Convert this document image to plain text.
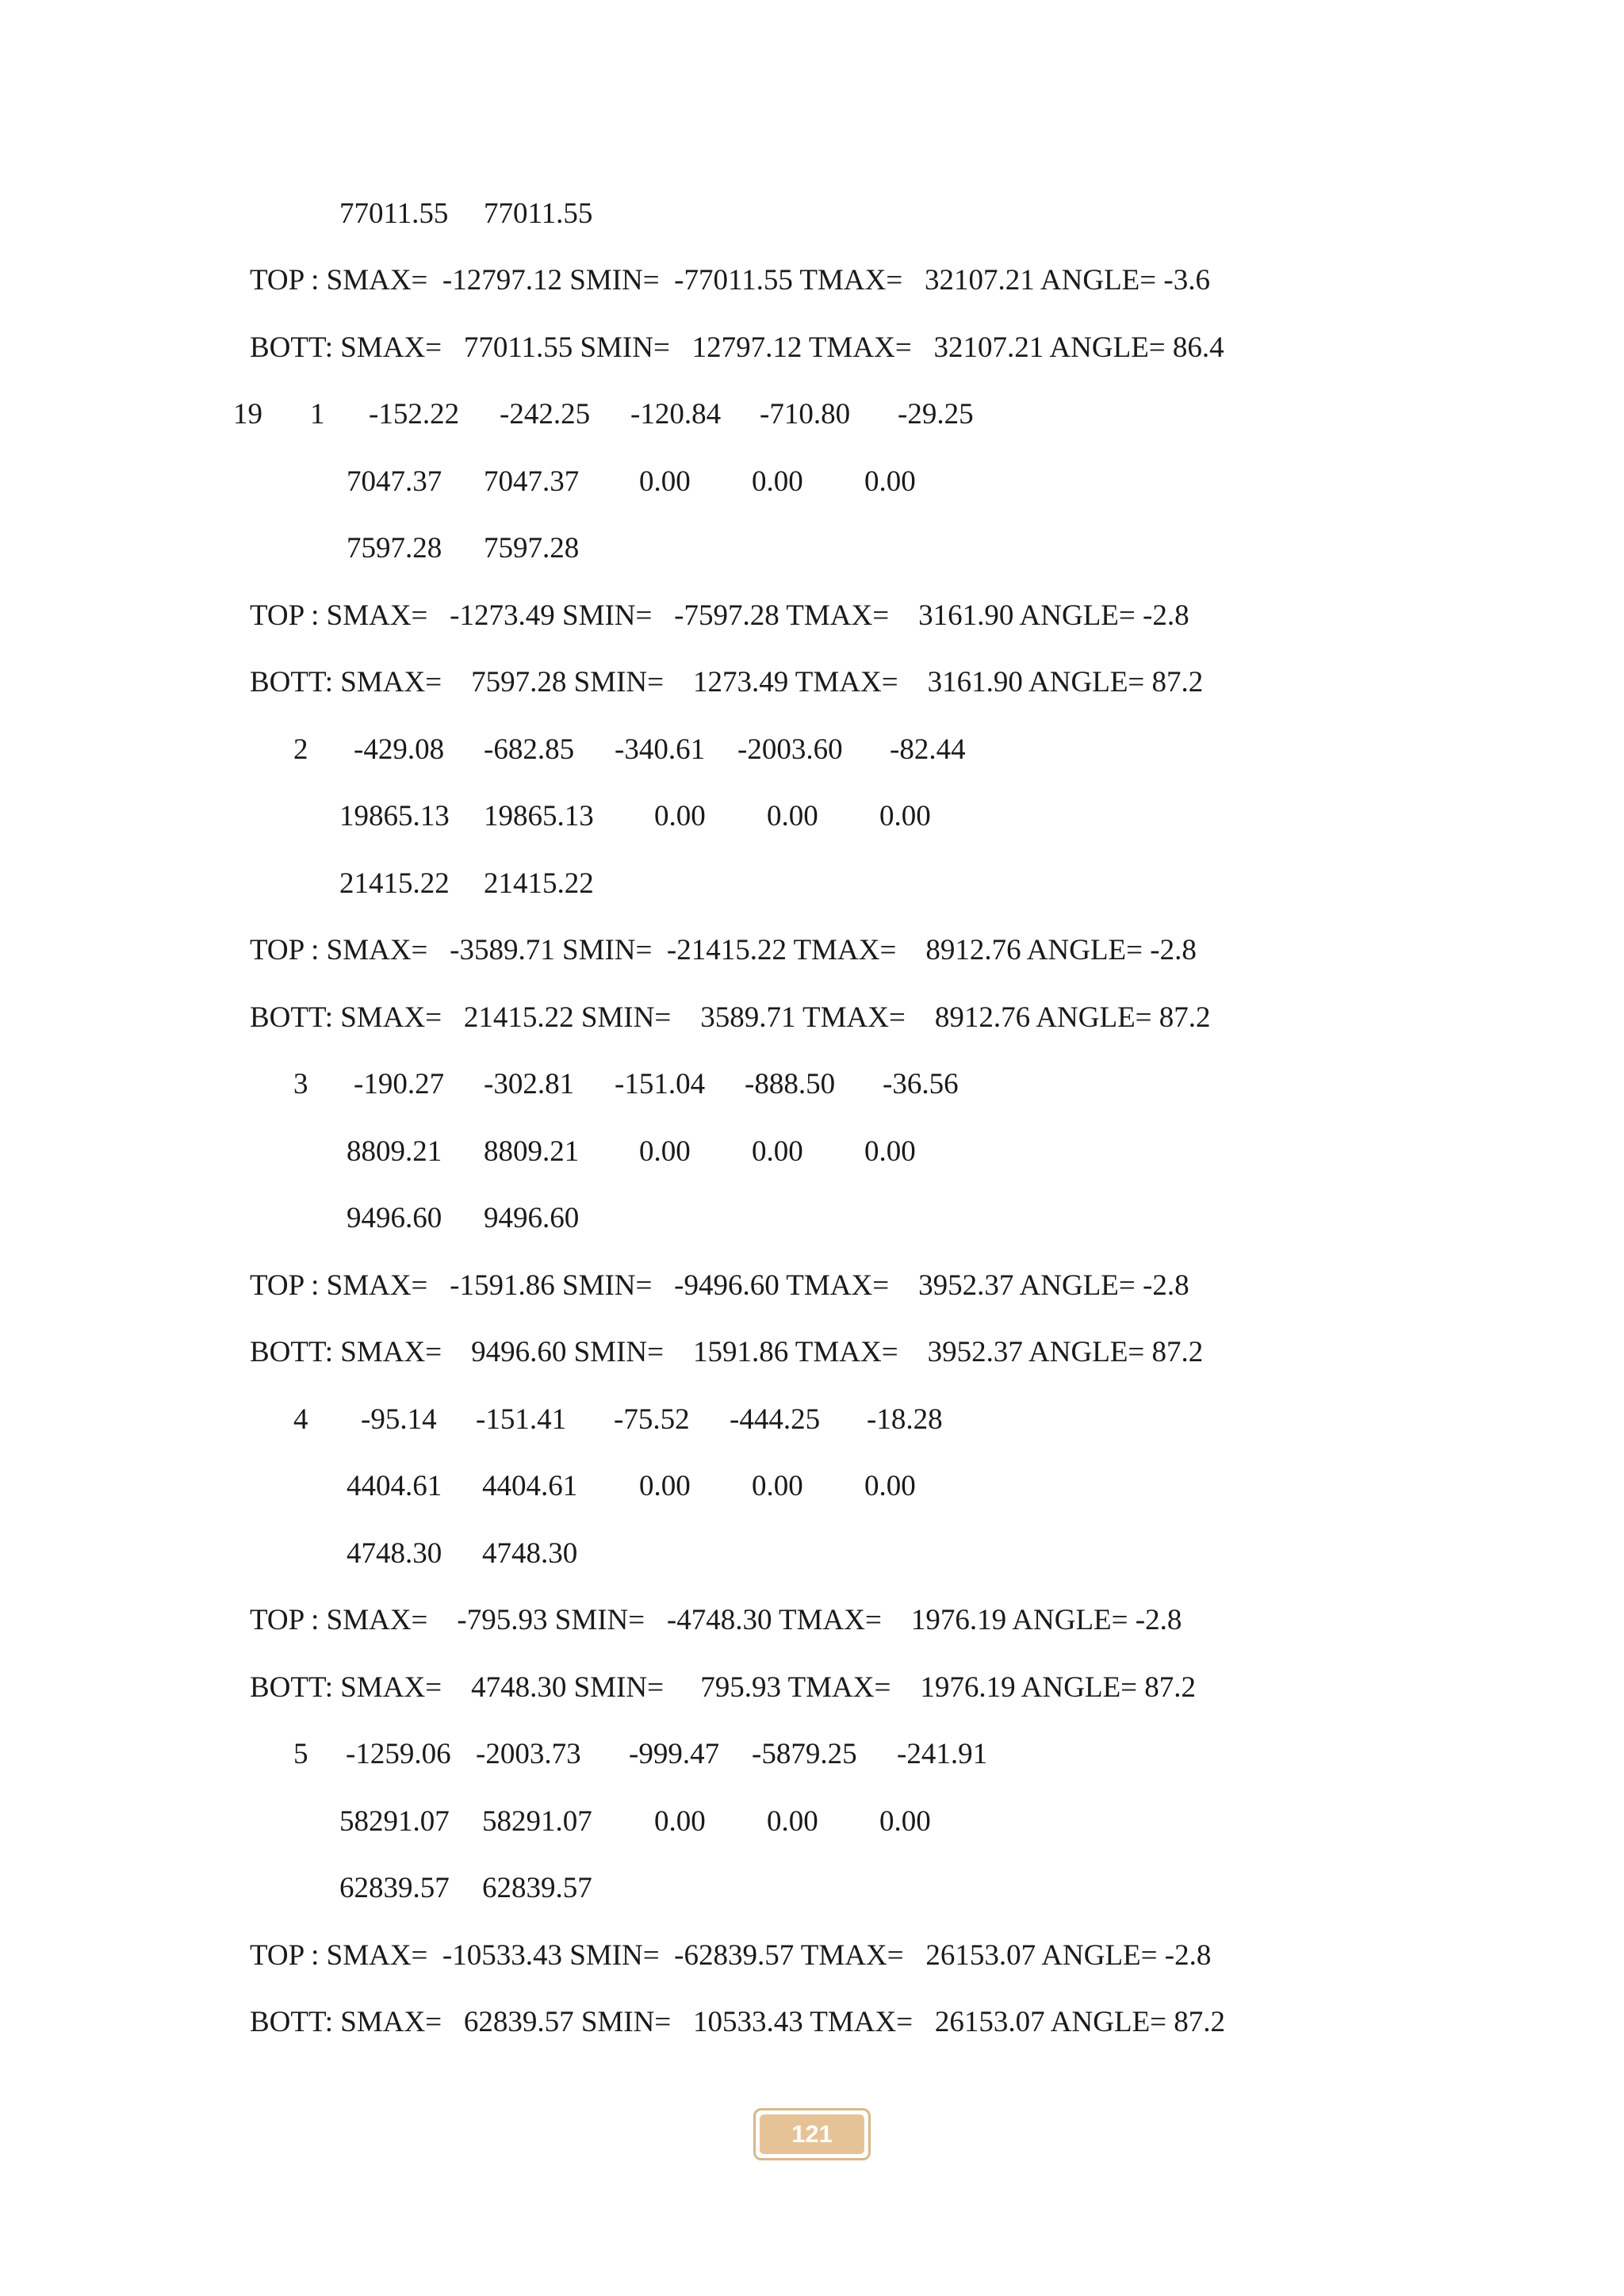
77011.55

77011.55

TOP : SMAX=  -12797.12 SMIN=  -77011.55 TMAX=   32107.21 ANGLE= -3.6
BOTT: SMAX=   77011.55 SMIN=   12797.12 TMAX=   32107.21 ANGLE= 86.4

19

1

-152.22

-242.25

-120.84

-710.80

-29.25

7047.37

7047.37

0.00

0.00

0.00

7597.28

7597.28

TOP : SMAX=   -1273.49 SMIN=   -7597.28 TMAX=    3161.90 ANGLE= -2.8
BOTT: SMAX=    7597.28 SMIN=    1273.49 TMAX=    3161.90 ANGLE= 87.2

2

-429.08

-682.85

-340.61

-2003.60

-82.44

19865.13

19865.13

0.00

0.00

0.00

21415.22

21415.22

TOP : SMAX=   -3589.71 SMIN=  -21415.22 TMAX=    8912.76 ANGLE= -2.8
BOTT: SMAX=   21415.22 SMIN=    3589.71 TMAX=    8912.76 ANGLE= 87.2

3

-190.27

-302.81

-151.04

-888.50

-36.56

8809.21

8809.21

0.00

0.00

0.00

9496.60

9496.60

TOP : SMAX=   -1591.86 SMIN=   -9496.60 TMAX=    3952.37 ANGLE= -2.8
BOTT: SMAX=    9496.60 SMIN=    1591.86 TMAX=    3952.37 ANGLE= 87.2

4

-95.14

-151.41

-75.52

-444.25

-18.28

4404.61

4404.61

0.00

0.00

0.00

4748.30

4748.30

TOP : SMAX=    -795.93 SMIN=   -4748.30 TMAX=    1976.19 ANGLE= -2.8
BOTT: SMAX=    4748.30 SMIN=     795.93 TMAX=    1976.19 ANGLE= 87.2

5

-1259.06

-2003.73

-999.47

-5879.25

-241.91

58291.07

58291.07

0.00

0.00

0.00

62839.57

62839.57

TOP : SMAX=  -10533.43 SMIN=  -62839.57 TMAX=   26153.07 ANGLE= -2.8
BOTT: SMAX=   62839.57 SMIN=   10533.43 TMAX=   26153.07 ANGLE= 87.2
121
